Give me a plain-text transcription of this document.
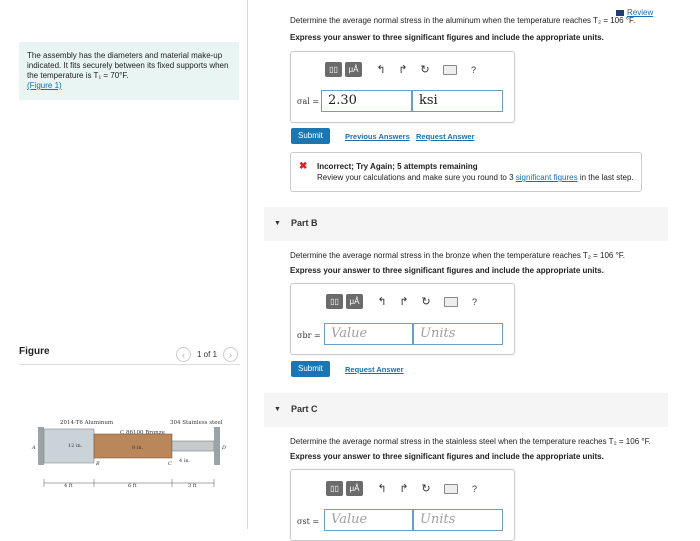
The assembly has the diameters and material make-up indicated. It fits securely between its fixed supports when the temperature is T₁ = 70°F.
(Figure 1)
Figure	‹	1 of 1	›
2014-T6 Aluminum
C 86100 Bronze
304 Stainless steel
12 in.	8 in.
4 in.
A
B	C
D
4 ft	6 ft	3 ft
Review
Determine the average normal stress in the aluminum when the temperature reaches T₂ = 106 °F.
Express your answer to three significant figures and include the appropriate units.
▯▯	μÅ	↰ ↱ ↻	?
σal = 2.30	ksi
Submit	Previous Answers Request Answer
✖ Incorrect; Try Again; 5 attempts remaining
Review your calculations and make sure you round to 3 significant figures in the last step.
▼ Part B
Determine the average normal stress in the bronze when the temperature reaches T₂ = 106 °F.
Express your answer to three significant figures and include the appropriate units.
▯▯	μÅ	↰ ↱ ↻	?
σbr = Value	Units
Submit	Request Answer
▼ Part C
Determine the average normal stress in the stainless steel when the temperature reaches T₂ = 106 °F.
Express your answer to three significant figures and include the appropriate units.
▯▯	μÅ	↰ ↱ ↻	?
σst = Value	Units
